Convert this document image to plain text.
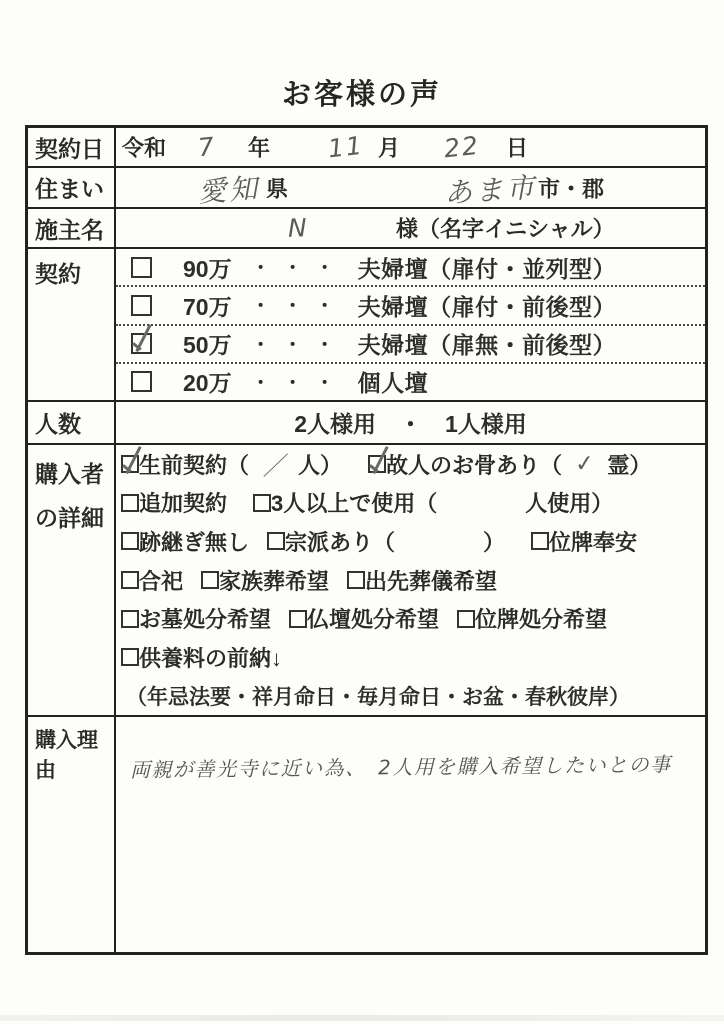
お客様の声
契約日 令和 7 年 11 月 22 日
住まい	愛知 県	あま市 市・郡
施主名	N	様（名字イニシャル）
契約	90万 ・・・ 夫婦壇（扉付・並列型）
70万 ・・・ 夫婦壇（扉付・前後型）
50万 ・・・ 夫婦壇（扉無・前後型）
20万 ・・・ 個人壇
人数	2人様用　・　1人様用
購入者
の詳細
生前契約（ ／ 人） 故人のお骨あり（ ✓ 霊）
追加契約 3人以上で使用（　　　　人使用）
跡継ぎ無し 宗派あり（　　　　） 位牌奉安
合祀 家族葬希望 出先葬儀希望
お墓処分希望 仏壇処分希望 位牌処分希望
供養料の前納↓
（年忌法要・祥月命日・毎月命日・お盆・春秋彼岸）
購入理由	両親が善光寺に近い為、　2人用を購入希望したいとの事
